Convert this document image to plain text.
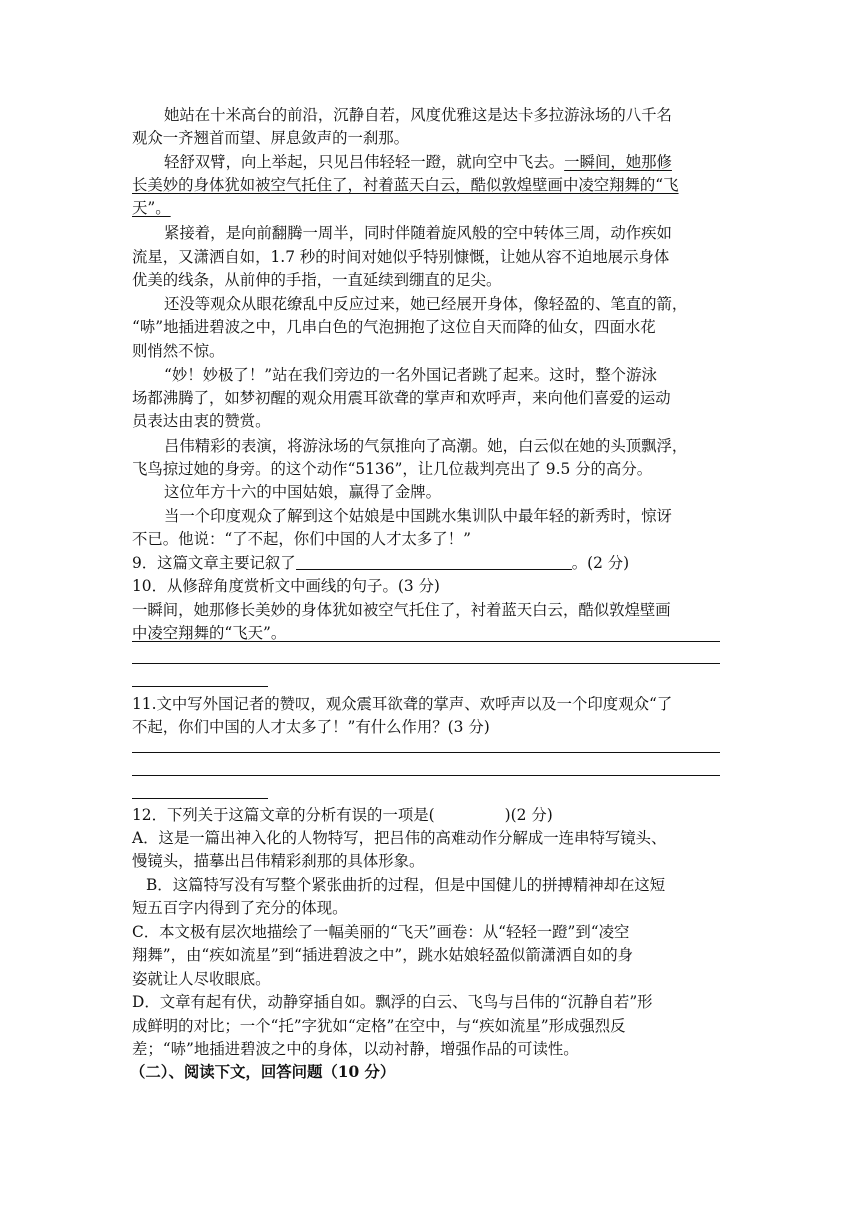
她站在十米高台的前沿，沉静自若，风度优雅这是达卡多拉游泳场的八千名
观众一齐翘首而望、屏息敛声的一刹那。
轻舒双臂，向上举起，只见吕伟轻轻一蹬，就向空中飞去。一瞬间，她那修
长美妙的身体犹如被空气托住了，衬着蓝天白云，酷似敦煌壁画中凌空翔舞的“飞
天”。
紧接着，是向前翻腾一周半，同时伴随着旋风般的空中转体三周，动作疾如
流星，又潇洒自如，1.7 秒的时间对她似乎特别慷慨，让她从容不迫地展示身体
优美的线条，从前伸的手指，一直延续到绷直的足尖。
还没等观众从眼花缭乱中反应过来，她已经展开身体，像轻盈的、笔直的箭，
“哧”地插进碧波之中，几串白色的气泡拥抱了这位自天而降的仙女，四面水花
则悄然不惊。
“妙！妙极了！”站在我们旁边的一名外国记者跳了起来。这时，整个游泳
场都沸腾了，如梦初醒的观众用震耳欲聋的掌声和欢呼声，来向他们喜爱的运动
员表达由衷的赞赏。
吕伟精彩的表演，将游泳场的气氛推向了高潮。她，白云似在她的头顶飘浮，
飞鸟掠过她的身旁。的这个动作“5136”，让几位裁判亮出了 9.5 分的高分。
这位年方十六的中国姑娘，赢得了金牌。
当一个印度观众了解到这个姑娘是中国跳水集训队中最年轻的新秀时，惊讶
不已。他说：“了不起，你们中国的人才太多了！”
9．这篇文章主要记叙了	。(2 分)
10．从修辞角度赏析文中画线的句子。(3 分)
一瞬间，她那修长美妙的身体犹如被空气托住了，衬着蓝天白云，酷似敦煌壁画
中凌空翔舞的“飞天”。
11.文中写外国记者的赞叹，观众震耳欲聋的掌声、欢呼声以及一个印度观众“了
不起，你们中国的人才太多了！”有什么作用？(3 分)
12．下列关于这篇文章的分析有误的一项是(	)(2 分)
A．这是一篇出神入化的人物特写，把吕伟的高难动作分解成一连串特写镜头、
慢镜头，描摹出吕伟精彩刹那的具体形象。
B．这篇特写没有写整个紧张曲折的过程，但是中国健儿的拼搏精神却在这短
短五百字内得到了充分的体现。
C．本文极有层次地描绘了一幅美丽的“飞天”画卷：从“轻轻一蹬”到“凌空
翔舞”，由“疾如流星”到“插进碧波之中”，跳水姑娘轻盈似箭潇洒自如的身
姿就让人尽收眼底。
D．文章有起有伏，动静穿插自如。飘浮的白云、飞鸟与吕伟的“沉静自若”形
成鲜明的对比；一个“托”字犹如“定格”在空中，与“疾如流星”形成强烈反
差；“哧”地插进碧波之中的身体，以动衬静，增强作品的可读性。
（二）、阅读下文，回答问题（10 分）
